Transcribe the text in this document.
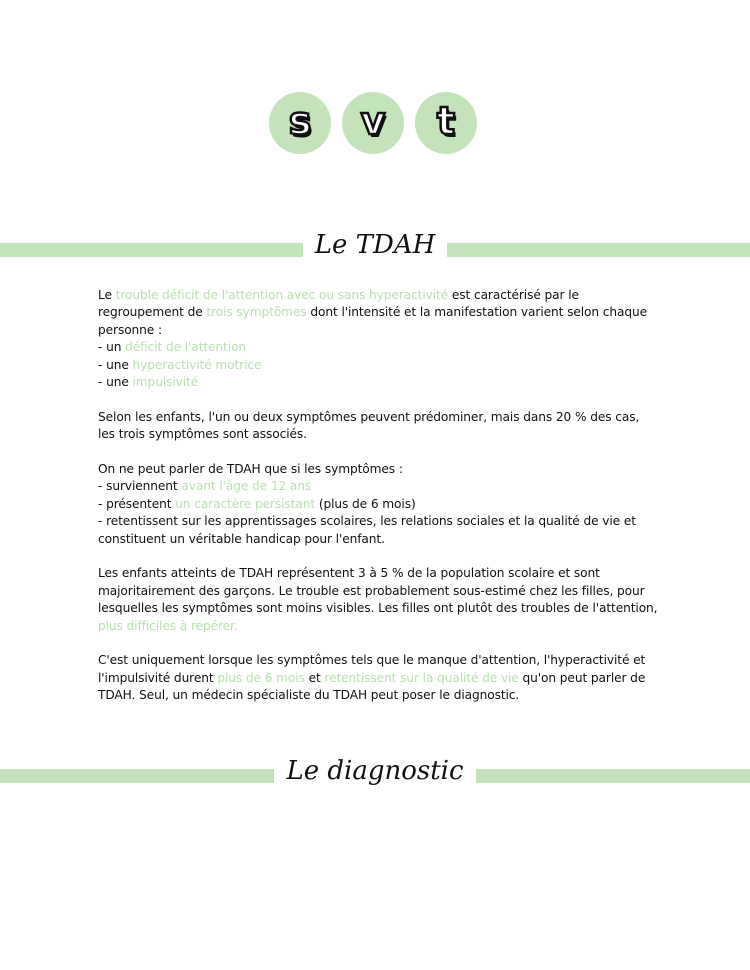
s	v	t
Le TDAH

Le trouble déficit de l'attention avec ou sans hyperactivité est caractérisé par le regroupement de trois symptômes dont l'intensité et la manifestation varient selon chaque personne :
- un déficit de l'attention
- une hyperactivité motrice
- une impulsivité

Selon les enfants, l'un ou deux symptômes peuvent prédominer, mais dans 20 % des cas, les trois symptômes sont associés.

On ne peut parler de TDAH que si les symptômes :
- surviennent avant l'âge de 12 ans
- présentent un caractère persistant (plus de 6 mois)
- retentissent sur les apprentissages scolaires, les relations sociales et la qualité de vie et constituent un véritable handicap pour l'enfant.

Les enfants atteints de TDAH représentent 3 à 5 % de la population scolaire et sont majoritairement des garçons. Le trouble est probablement sous-estimé chez les filles, pour lesquelles les symptômes sont moins visibles. Les filles ont plutôt des troubles de l'attention, plus difficiles à repérer.

C'est uniquement lorsque les symptômes tels que le manque d'attention, l'hyperactivité et l'impulsivité durent plus de 6 mois et retentissent sur la qualité de vie qu'on peut parler de TDAH. Seul, un médecin spécialiste du TDAH peut poser le diagnostic.

Le diagnostic
